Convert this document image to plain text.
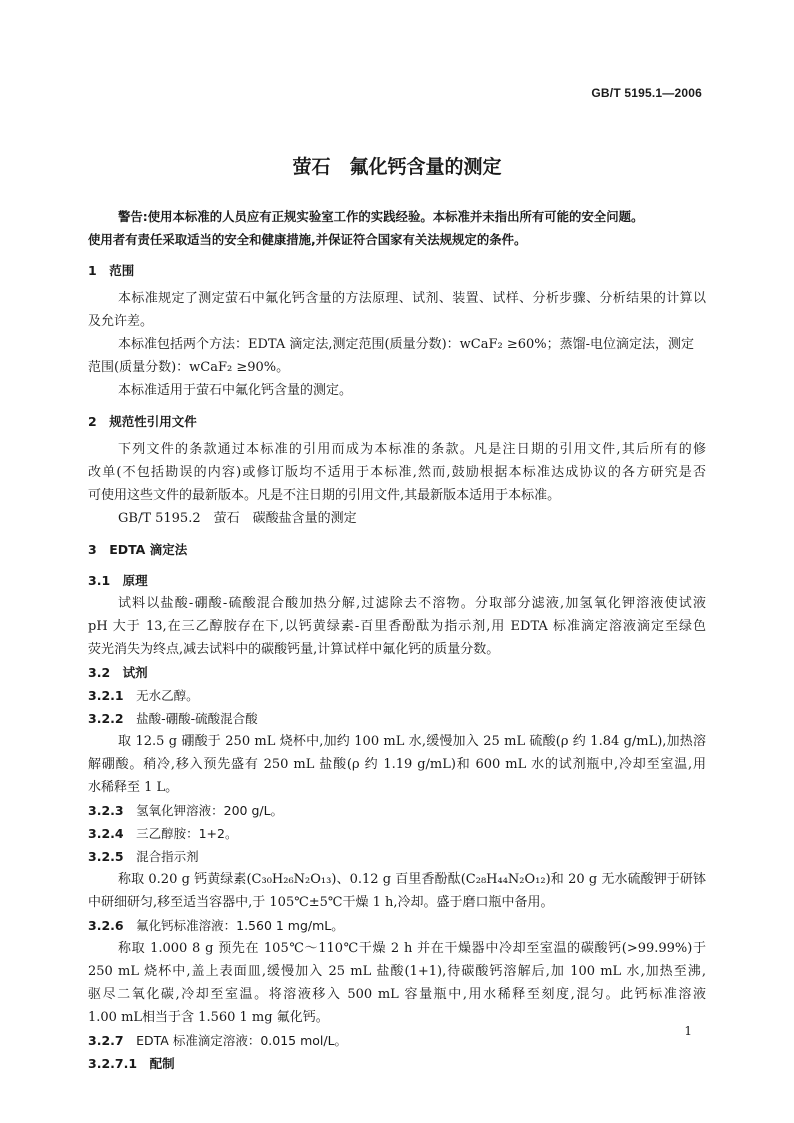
GB/T 5195.1—2006
萤石　氟化钙含量的测定
警告:使用本标准的人员应有正规实验室工作的实践经验。本标准并未指出所有可能的安全问题。
使用者有责任采取适当的安全和健康措施,并保证符合国家有关法规规定的条件。
1　范围
本标准规定了测定萤石中氟化钙含量的方法原理、试剂、装置、试样、分析步骤、分析结果的计算以
及允许差。
本标准包括两个方法：EDTA 滴定法,测定范围(质量分数)：wCaF₂ ≥60%；蒸馏-电位滴定法，测定
范围(质量分数)：wCaF₂ ≥90%。
本标准适用于萤石中氟化钙含量的测定。
2　规范性引用文件
下列文件的条款通过本标准的引用而成为本标准的条款。凡是注日期的引用文件,其后所有的修
改单(不包括勘误的内容)或修订版均不适用于本标准,然而,鼓励根据本标准达成协议的各方研究是否
可使用这些文件的最新版本。凡是不注日期的引用文件,其最新版本适用于本标准。
GB/T 5195.2　萤石　碳酸盐含量的测定
3　EDTA 滴定法
3.1　 原理
试料以盐酸-硼酸-硫酸混合酸加热分解,过滤除去不溶物。分取部分滤液,加氢氧化钾溶液使试液
pH 大于 13,在三乙醇胺存在下,以钙黄绿素-百里香酚酞为指示剂,用 EDTA 标准滴定溶液滴定至绿色
荧光消失为终点,减去试料中的碳酸钙量,计算试样中氟化钙的质量分数。
3.2　 试剂
3.2.1　 无水乙醇。
3.2.2　 盐酸-硼酸-硫酸混合酸
取 12.5 g 硼酸于 250 mL 烧杯中,加约 100 mL 水,缓慢加入 25 mL 硫酸(ρ 约 1.84 g/mL),加热溶
解硼酸。稍冷,移入预先盛有 250 mL 盐酸(ρ 约 1.19 g/mL)和 600 mL 水的试剂瓶中,冷却至室温,用
水稀释至 1 L。
3.2.3　 氢氧化钾溶液：200 g/L。
3.2.4　 三乙醇胺：1+2。
3.2.5　 混合指示剂
称取 0.20 g 钙黄绿素(C₃₀H₂₆N₂O₁₃)、0.12 g 百里香酚酞(C₂₈H₄₄N₂O₁₂)和 20 g 无水硫酸钾于研钵
中研细研匀,移至适当容器中,于 105℃±5℃干燥 1 h,冷却。盛于磨口瓶中备用。
3.2.6　 氟化钙标准溶液：1.560 1 mg/mL。
称取 1.000 8 g 预先在 105℃～110℃干燥 2 h 并在干燥器中冷却至室温的碳酸钙(>99.99%)于
250 mL 烧杯中,盖上表面皿,缓慢加入 25 mL 盐酸(1+1),待碳酸钙溶解后,加 100 mL 水,加热至沸,
驱尽二氧化碳,冷却至室温。将溶液移入 500 mL 容量瓶中,用水稀释至刻度,混匀。此钙标准溶液
1.00 mL相当于含 1.560 1 mg 氟化钙。
3.2.7　 EDTA 标准滴定溶液：0.015 mol/L。
3.2.7.1　 配制
1
